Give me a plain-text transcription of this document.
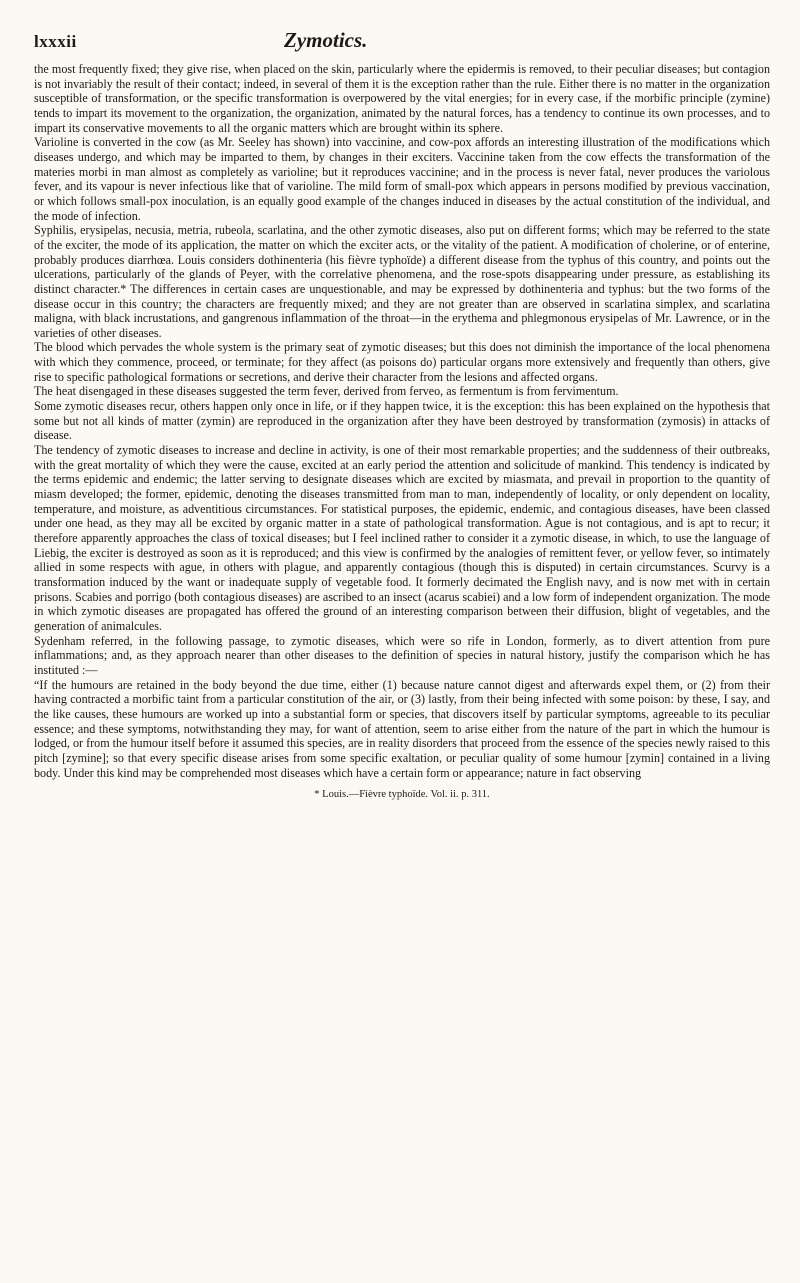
lxxxii	Zymotics.

the most frequently fixed; they give rise, when placed on the skin, particularly where the epidermis is removed, to their peculiar diseases; but contagion is not invariably the result of their contact; indeed, in several of them it is the exception rather than the rule. Either there is no matter in the organization susceptible of transformation, or the specific transformation is overpowered by the vital energies; for in every case, if the morbific principle (zymine) tends to impart its movement to the organization, the organization, animated by the natural forces, has a tendency to continue its own processes, and to impart its conservative movements to all the organic matters which are brought within its sphere.

Varioline is converted in the cow (as Mr. Seeley has shown) into vaccinine, and cow-pox affords an interesting illustration of the modifications which diseases undergo, and which may be imparted to them, by changes in their exciters. Vaccinine taken from the cow effects the transformation of the materies morbi in man almost as completely as varioline; but it reproduces vaccinine; and in the process is never fatal, never produces the variolous fever, and its vapour is never infectious like that of varioline. The mild form of small-pox which appears in persons modified by previous vaccination, or which follows small-pox inoculation, is an equally good example of the changes induced in diseases by the actual constitution of the individual, and the mode of infection.

Syphilis, erysipelas, necusia, metria, rubeola, scarlatina, and the other zymotic diseases, also put on different forms; which may be referred to the state of the exciter, the mode of its application, the matter on which the exciter acts, or the vitality of the patient. A modification of cholerine, or of enterine, probably produces diarrhœa. Louis considers dothinenteria (his fièvre typhoïde) a different disease from the typhus of this country, and points out the ulcerations, particularly of the glands of Peyer, with the correlative phenomena, and the rose-spots disappearing under pressure, as establishing its distinct character.* The differences in certain cases are unquestionable, and may be expressed by dothinenteria and typhus: but the two forms of the disease occur in this country; the characters are frequently mixed; and they are not greater than are observed in scarlatina simplex, and scarlatina maligna, with black incrustations, and gangrenous inflammation of the throat—in the erythema and phlegmonous erysipelas of Mr. Lawrence, or in the varieties of other diseases.

The blood which pervades the whole system is the primary seat of zymotic diseases; but this does not diminish the importance of the local phenomena with which they commence, proceed, or terminate; for they affect (as poisons do) particular organs more extensively and frequently than others, give rise to specific pathological formations or secretions, and derive their character from the lesions and affected organs.

The heat disengaged in these diseases suggested the term fever, derived from ferveo, as fermentum is from fervimentum.

Some zymotic diseases recur, others happen only once in life, or if they happen twice, it is the exception: this has been explained on the hypothesis that some but not all kinds of matter (zymin) are reproduced in the organization after they have been destroyed by transformation (zymosis) in attacks of disease.

The tendency of zymotic diseases to increase and decline in activity, is one of their most remarkable properties; and the suddenness of their outbreaks, with the great mortality of which they were the cause, excited at an early period the attention and solicitude of mankind. This tendency is indicated by the terms epidemic and endemic; the latter serving to designate diseases which are excited by miasmata, and prevail in proportion to the quantity of miasm developed; the former, epidemic, denoting the diseases transmitted from man to man, independently of locality, or only dependent on locality, temperature, and moisture, as adventitious circumstances. For statistical purposes, the epidemic, endemic, and contagious diseases, have been classed under one head, as they may all be excited by organic matter in a state of pathological transformation. Ague is not contagious, and is apt to recur; it therefore apparently approaches the class of toxical diseases; but I feel inclined rather to consider it a zymotic disease, in which, to use the language of Liebig, the exciter is destroyed as soon as it is reproduced; and this view is confirmed by the analogies of remittent fever, or yellow fever, so intimately allied in some respects with ague, in others with plague, and apparently contagious (though this is disputed) in certain circumstances. Scurvy is a transformation induced by the want or inadequate supply of vegetable food. It formerly decimated the English navy, and is now met with in certain prisons. Scabies and porrigo (both contagious diseases) are ascribed to an insect (acarus scabiei) and a low form of independent organization. The mode in which zymotic diseases are propagated has offered the ground of an interesting comparison between their diffusion, blight of vegetables, and the generation of animalcules.

Sydenham referred, in the following passage, to zymotic diseases, which were so rife in London, formerly, as to divert attention from pure inflammations; and, as they approach nearer than other diseases to the definition of species in natural history, justify the comparison which he has instituted :—

“If the humours are retained in the body beyond the due time, either (1) because nature cannot digest and afterwards expel them, or (2) from their having contracted a morbific taint from a particular constitution of the air, or (3) lastly, from their being infected with some poison: by these, I say, and the like causes, these humours are worked up into a substantial form or species, that discovers itself by particular symptoms, agreeable to its peculiar essence; and these symptoms, notwithstanding they may, for want of attention, seem to arise either from the nature of the part in which the humour is lodged, or from the humour itself before it assumed this species, are in reality disorders that proceed from the essence of the species newly raised to this pitch [zymine]; so that every specific disease arises from some specific exaltation, or peculiar quality of some humour [zymin] contained in a living body. Under this kind may be comprehended most diseases which have a certain form or appearance; nature in fact observing

* Louis.—Fièvre typhoïde. Vol. ii. p. 311.
